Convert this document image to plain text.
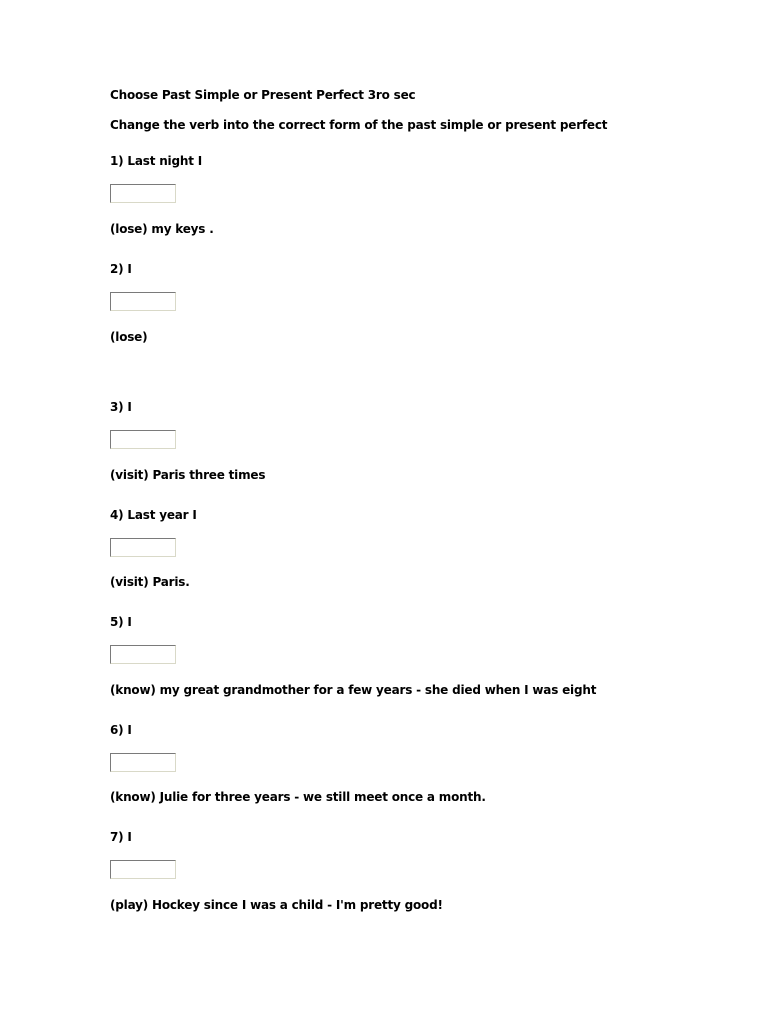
Choose Past Simple or Present Perfect 3ro sec
Change the verb into the correct form of the past simple or present perfect
1) Last night I
(lose) my keys .
2) I
(lose)
3) I
(visit) Paris three times
4) Last year I
(visit) Paris.
5) I
(know) my great grandmother for a few years - she died when I was eight
6) I
(know) Julie for three years - we still meet once a month.
7) I
(play) Hockey since I was a child - I'm pretty good!
